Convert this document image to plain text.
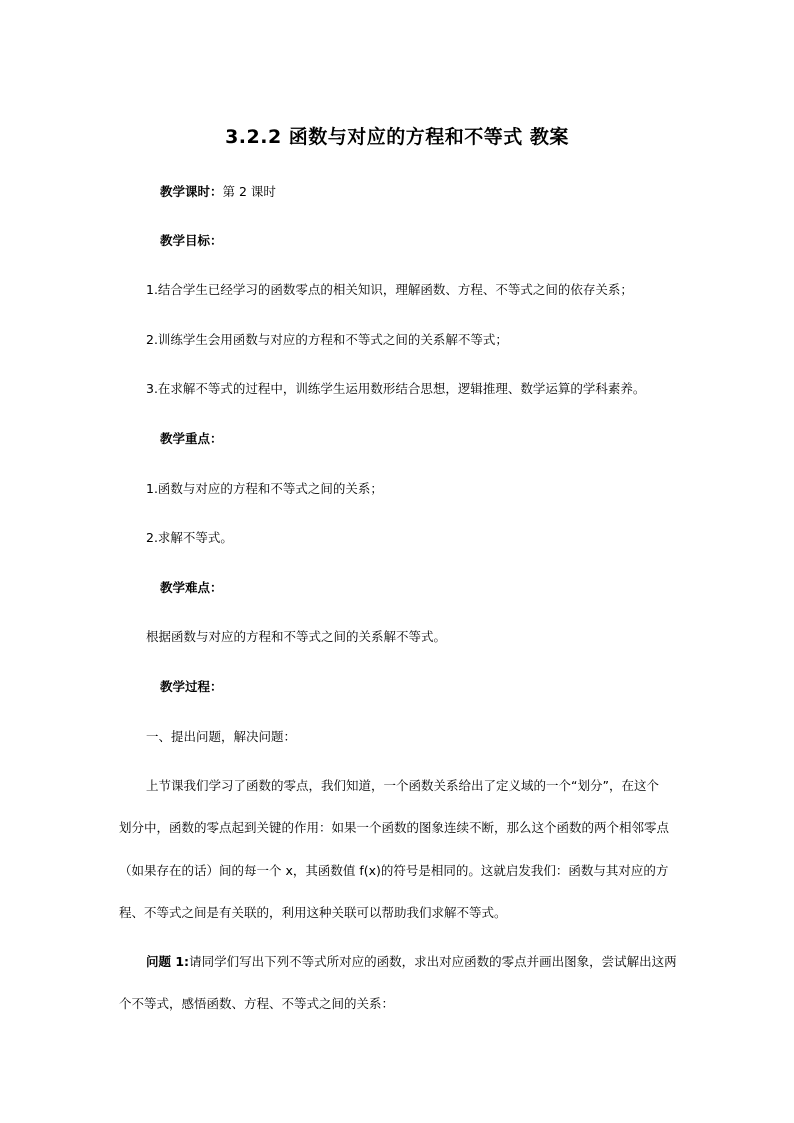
3.2.2 函数与对应的方程和不等式 教案
教学课时：第 2 课时
教学目标：
1.结合学生已经学习的函数零点的相关知识，理解函数、方程、不等式之间的依存关系；
2.训练学生会用函数与对应的方程和不等式之间的关系解不等式；
3.在求解不等式的过程中，训练学生运用数形结合思想，逻辑推理、数学运算的学科素养。
教学重点：
1.函数与对应的方程和不等式之间的关系；
2.求解不等式。
教学难点：
根据函数与对应的方程和不等式之间的关系解不等式。
教学过程：
一、提出问题，解决问题：
上节课我们学习了函数的零点，我们知道，一个函数关系给出了定义域的一个“划分”，在这个
划分中，函数的零点起到关键的作用：如果一个函数的图象连续不断，那么这个函数的两个相邻零点
（如果存在的话）间的每一个 x，其函数值 f(x)的符号是相同的。这就启发我们：函数与其对应的方
程、不等式之间是有关联的，利用这种关联可以帮助我们求解不等式。
问题 1:请同学们写出下列不等式所对应的函数，求出对应函数的零点并画出图象，尝试解出这两
个不等式，感悟函数、方程、不等式之间的关系：
